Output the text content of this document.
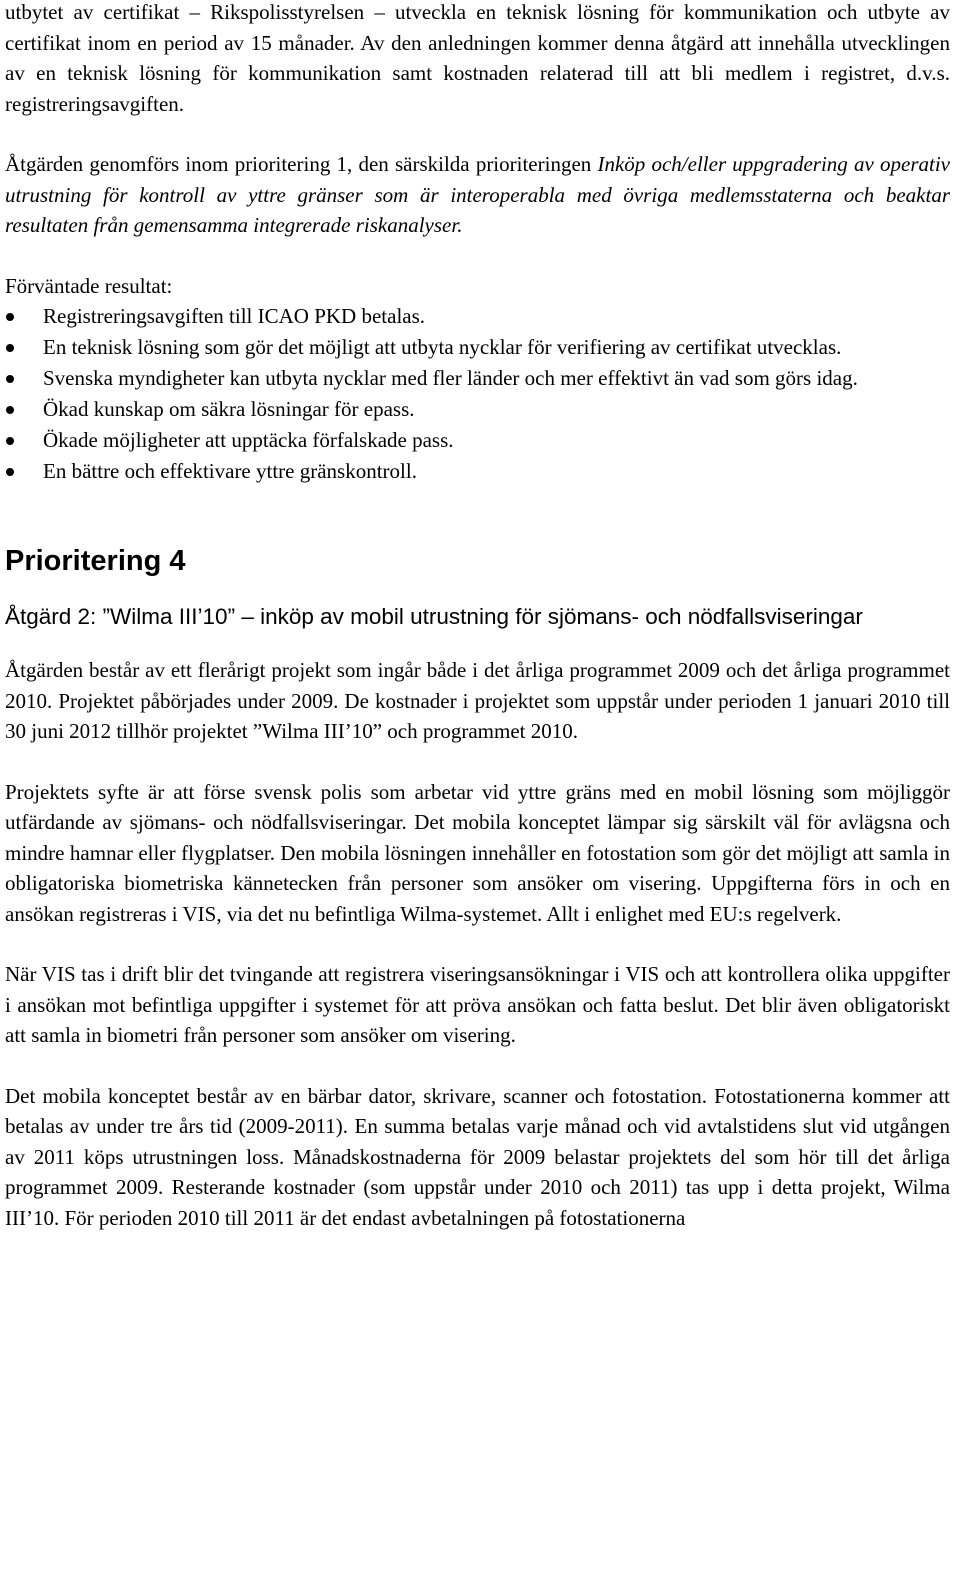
utbytet av certifikat – Rikspolisstyrelsen – utveckla en teknisk lösning för kommunikation och utbyte av certifikat inom en period av 15 månader. Av den anledningen kommer denna åtgärd att innehålla utvecklingen av en teknisk lösning för kommunikation samt kostnaden relaterad till att bli medlem i registret, d.v.s. registreringsavgiften.

Åtgärden genomförs inom prioritering 1, den särskilda prioriteringen Inköp och/eller uppgradering av operativ utrustning för kontroll av yttre gränser som är interoperabla med övriga medlemsstaterna och beaktar resultaten från gemensamma integrerade riskanalyser.

Förväntade resultat:

Registreringsavgiften till ICAO PKD betalas.
En teknisk lösning som gör det möjligt att utbyta nycklar för verifiering av certifikat utvecklas.
Svenska myndigheter kan utbyta nycklar med fler länder och mer effektivt än vad som görs idag.
Ökad kunskap om säkra lösningar för epass.
Ökade möjligheter att upptäcka förfalskade pass.
En bättre och effektivare yttre gränskontroll.
Prioritering 4
Åtgärd 2: ”Wilma III’10” – inköp av mobil utrustning för sjömans- och nödfallsviseringar

Åtgärden består av ett flerårigt projekt som ingår både i det årliga programmet 2009 och det årliga programmet 2010. Projektet påbörjades under 2009. De kostnader i projektet som uppstår under perioden 1 januari 2010 till 30 juni 2012 tillhör projektet ”Wilma III’10” och programmet 2010.

Projektets syfte är att förse svensk polis som arbetar vid yttre gräns med en mobil lösning som möjliggör utfärdande av sjömans- och nödfallsviseringar. Det mobila konceptet lämpar sig särskilt väl för avlägsna och mindre hamnar eller flygplatser. Den mobila lösningen innehåller en fotostation som gör det möjligt att samla in obligatoriska biometriska kännetecken från personer som ansöker om visering. Uppgifterna förs in och en ansökan registreras i VIS, via det nu befintliga Wilma-systemet. Allt i enlighet med EU:s regelverk.

När VIS tas i drift blir det tvingande att registrera viseringsansökningar i VIS och att kontrollera olika uppgifter i ansökan mot befintliga uppgifter i systemet för att pröva ansökan och fatta beslut. Det blir även obligatoriskt att samla in biometri från personer som ansöker om visering.

Det mobila konceptet består av en bärbar dator, skrivare, scanner och fotostation. Fotostationerna kommer att betalas av under tre års tid (2009-2011). En summa betalas varje månad och vid avtalstidens slut vid utgången av 2011 köps utrustningen loss. Månadskostnaderna för 2009 belastar projektets del som hör till det årliga programmet 2009. Resterande kostnader (som uppstår under 2010 och 2011) tas upp i detta projekt, Wilma III’10. För perioden 2010 till 2011 är det endast avbetalningen på fotostationerna
